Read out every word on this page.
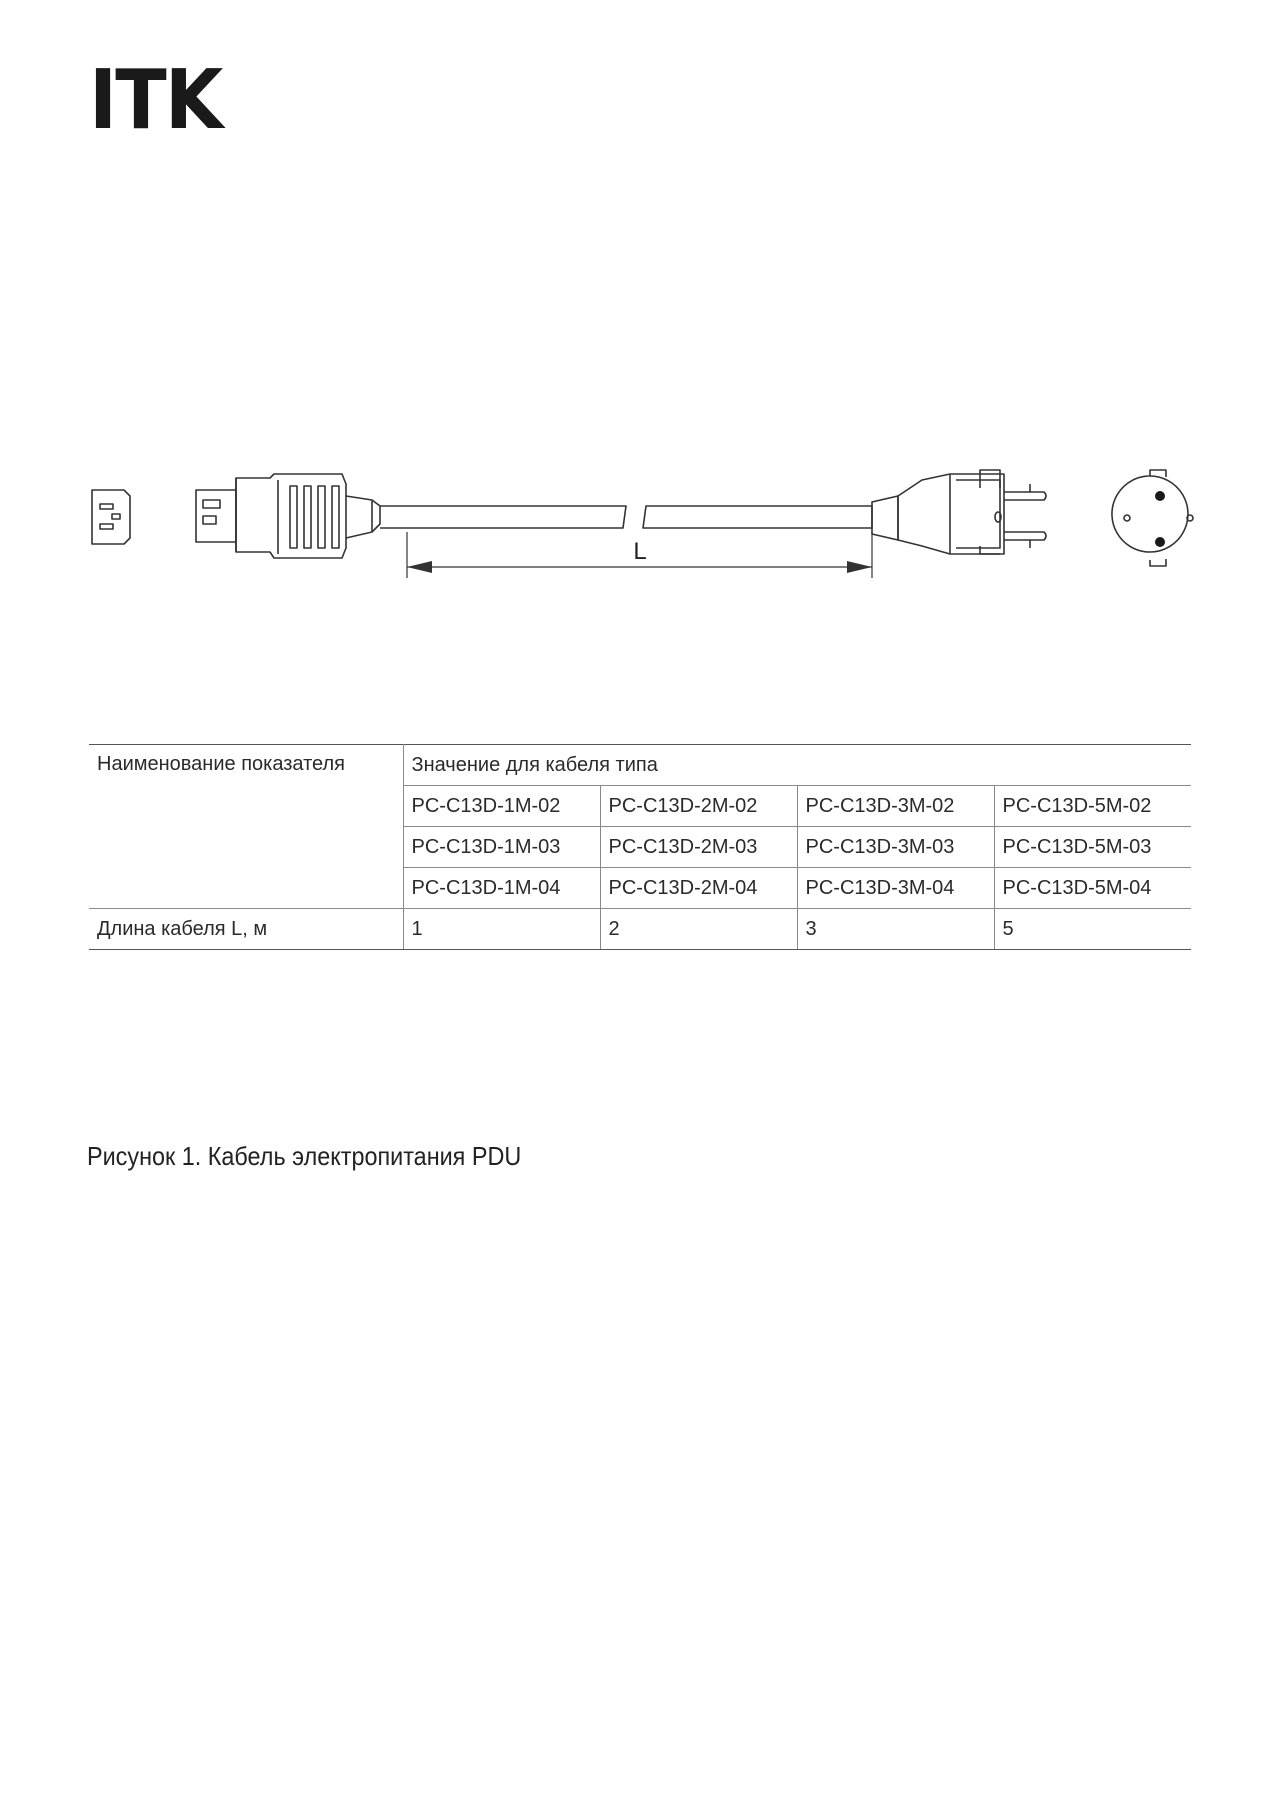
ITK
L
Наименование показателя	Значение для кабеля типа			
	PC-C13D-1M-02	PC-C13D-2M-02	PC-C13D-3M-02	PC-C13D-5M-02
	PC-C13D-1M-03	PC-C13D-2M-03	PC-C13D-3M-03	PC-C13D-5M-03
	PC-C13D-1M-04	PC-C13D-2M-04	PC-C13D-3M-04	PC-C13D-5M-04
Длина кабеля L, м	1	2	3	5
Рисунок 1. Кабель электропитания PDU
